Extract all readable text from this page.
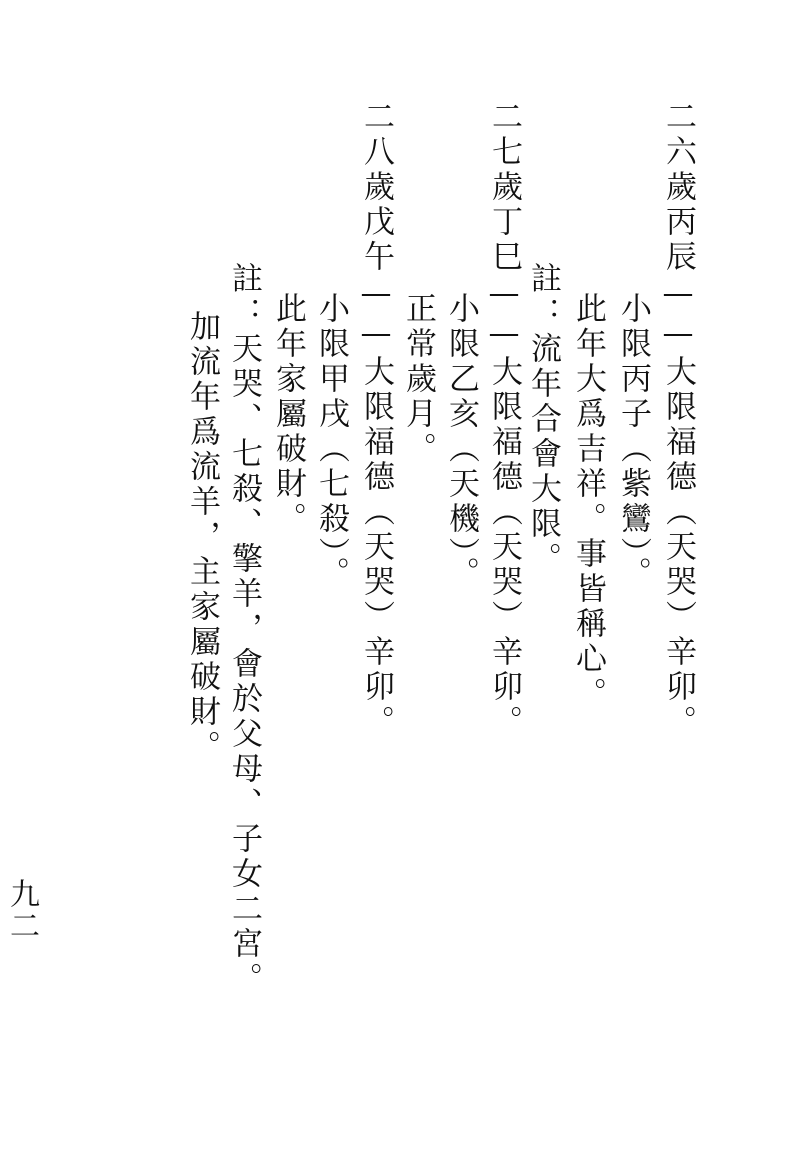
二六歲丙辰——大限福德（天哭）辛卯。
小限丙子（紫鸞）。
此年大爲吉祥。事皆稱心。
註：流年合會大限。
正常歲月。 二七歲丁巳——大限福德（天哭）辛卯。
小限乙亥（天機）。
二八歲戊午——大限福德（天哭）辛卯。
小限甲戌（七殺）。
此年家屬破財。
註：天哭、七殺、擎羊，會於父母、子女二宮。
加流年爲流羊，主家屬破財。
九二
